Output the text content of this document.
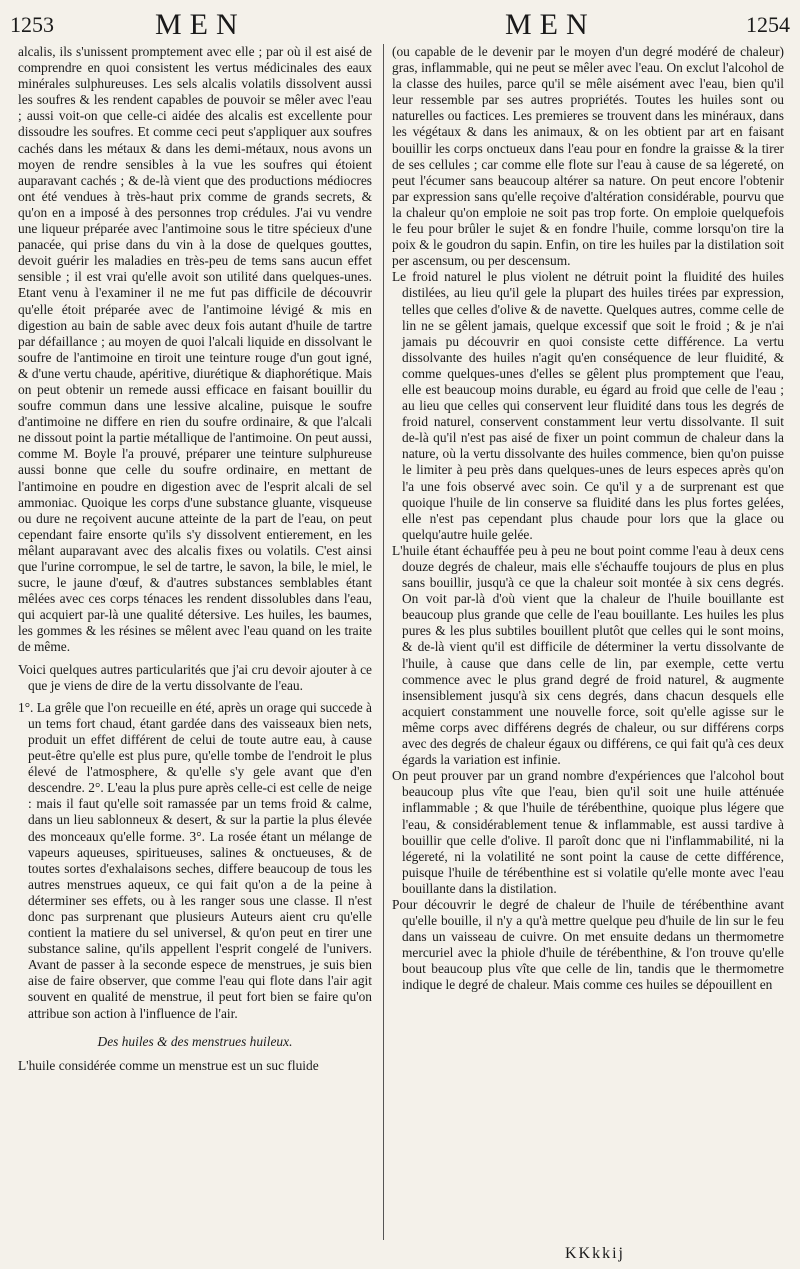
1253	MEN	MEN	1254

alcalis, ils s'unissent promptement avec elle ; par où il est aisé de comprendre en quoi consistent les vertus médicinales des eaux minérales sulphureuses. Les sels alcalis volatils dissolvent aussi les soufres & les rendent capables de pouvoir se mêler avec l'eau ; aussi voit-on que celle-ci aidée des alcalis est excellente pour dissoudre les soufres. Et comme ceci peut s'appliquer aux soufres cachés dans les métaux & dans les demi-métaux, nous avons un moyen de rendre sensibles à la vue les soufres qui étoient auparavant cachés ; & de-là vient que des productions médiocres ont été vendues à très-haut prix comme de grands secrets, & qu'on en a imposé à des personnes trop crédules. J'ai vu vendre une liqueur préparée avec l'antimoine sous le titre spécieux d'une panacée, qui prise dans du vin à la dose de quelques gouttes, devoit guérir les maladies en très-peu de tems sans aucun effet sensible ; il est vrai qu'elle avoit son utilité dans quelques-unes. Etant venu à l'examiner il ne me fut pas difficile de découvrir qu'elle étoit préparée avec de l'antimoine lévigé & mis en digestion au bain de sable avec deux fois autant d'huile de tartre par défaillance ; au moyen de quoi l'alcali liquide en dissolvant le soufre de l'antimoine en tiroit une teinture rouge d'un gout igné, & d'une vertu chaude, apéritive, diurétique & diaphorétique. Mais on peut obtenir un remede aussi efficace en faisant bouillir du soufre commun dans une lessive alcaline, puisque le soufre d'antimoine ne differe en rien du soufre ordinaire, & que l'alcali ne dissout point la partie métallique de l'antimoine. On peut aussi, comme M. Boyle l'a prouvé, préparer une teinture sulphureuse aussi bonne que celle du soufre ordinaire, en mettant de l'antimoine en poudre en digestion avec de l'esprit alcali de sel ammoniac. Quoique les corps d'une substance gluante, visqueuse ou dure ne reçoivent aucune atteinte de la part de l'eau, on peut cependant faire ensorte qu'ils s'y dissolvent entierement, en les mêlant auparavant avec des alcalis fixes ou volatils. C'est ainsi que l'urine corrompue, le sel de tartre, le savon, la bile, le miel, le sucre, le jaune d'œuf, & d'autres substances semblables étant mêlées avec ces corps ténaces les rendent dissolubles dans l'eau, qui acquiert par-là une qualité détersive. Les huiles, les baumes, les gommes & les résines se mêlent avec l'eau quand on les traite de même.

Voici quelques autres particularités que j'ai cru devoir ajouter à ce que je viens de dire de la vertu dissolvante de l'eau.

1°. La grêle que l'on recueille en été, après un orage qui succede à un tems fort chaud, étant gardée dans des vaisseaux bien nets, produit un effet différent de celui de toute autre eau, à cause peut-être qu'elle est plus pure, qu'elle tombe de l'endroit le plus élevé de l'atmosphere, & qu'elle s'y gele avant que d'en descendre. 2°. L'eau la plus pure après celle-ci est celle de neige : mais il faut qu'elle soit ramassée par un tems froid & calme, dans un lieu sablonneux & desert, & sur la partie la plus élevée des monceaux qu'elle forme. 3°. La rosée étant un mélange de vapeurs aqueuses, spiritueuses, salines & onctueuses, & de toutes sortes d'exhalaisons seches, differe beaucoup de tous les autres menstrues aqueux, ce qui fait qu'on a de la peine à déterminer ses effets, ou à les ranger sous une classe. Il n'est donc pas surprenant que plusieurs Auteurs aient cru qu'elle contient la matiere du sel universel, & qu'on peut en tirer une substance saline, qu'ils appellent l'esprit congelé de l'univers. Avant de passer à la seconde espece de menstrues, je suis bien aise de faire observer, que comme l'eau qui flote dans l'air agit souvent en qualité de menstrue, il peut fort bien se faire qu'on attribue son action à l'influence de l'air.

Des huiles & des menstrues huileux.

L'huile considérée comme un menstrue est un suc fluide

(ou capable de le devenir par le moyen d'un degré modéré de chaleur) gras, inflammable, qui ne peut se mêler avec l'eau. On exclut l'alcohol de la classe des huiles, parce qu'il se mêle aisément avec l'eau, bien qu'il leur ressemble par ses autres propriétés. Toutes les huiles sont ou naturelles ou factices. Les premieres se trouvent dans les minéraux, dans les végétaux & dans les animaux, & on les obtient par art en faisant bouillir les corps onctueux dans l'eau pour en fondre la graisse & la tirer de ses cellules ; car comme elle flote sur l'eau à cause de sa légereté, on peut l'écumer sans beaucoup altérer sa nature. On peut encore l'obtenir par expression sans qu'elle reçoive d'altération considérable, pourvu que la chaleur qu'on emploie ne soit pas trop forte. On emploie quelquefois le feu pour brûler le sujet & en fondre l'huile, comme lorsqu'on tire la poix & le goudron du sapin. Enfin, on tire les huiles par la distilation soit per ascensum, ou per descensum.

Le froid naturel le plus violent ne détruit point la fluidité des huiles distilées, au lieu qu'il gele la plupart des huiles tirées par expression, telles que celles d'olive & de navette. Quelques autres, comme celle de lin ne se gêlent jamais, quelque excessif que soit le froid ; & je n'ai jamais pu découvrir en quoi consiste cette différence. La vertu dissolvante des huiles n'agit qu'en conséquence de leur fluidité, & comme quelques-unes d'elles se gêlent plus promptement que l'eau, elle est beaucoup moins durable, eu égard au froid que celle de l'eau ; au lieu que celles qui conservent leur fluidité dans tous les degrés de froid naturel, conservent constamment leur vertu dissolvante. Il suit de-là qu'il n'est pas aisé de fixer un point commun de chaleur dans la nature, où la vertu dissolvante des huiles commence, bien qu'on puisse le limiter à peu près dans quelques-unes de leurs especes après qu'on l'a une fois observé avec soin. Ce qu'il y a de surprenant est que quoique l'huile de lin conserve sa fluidité dans les plus fortes gelées, elle n'est pas cependant plus chaude pour lors que la glace ou quelqu'autre huile gelée.

L'huile étant échauffée peu à peu ne bout point comme l'eau à deux cens douze degrés de chaleur, mais elle s'échauffe toujours de plus en plus sans bouillir, jusqu'à ce que la chaleur soit montée à six cens degrés. On voit par-là d'où vient que la chaleur de l'huile bouillante est beaucoup plus grande que celle de l'eau bouillante. Les huiles les plus pures & les plus subtiles bouillent plutôt que celles qui le sont moins, & de-là vient qu'il est difficile de déterminer la vertu dissolvante de l'huile, à cause que dans celle de lin, par exemple, cette vertu commence avec le plus grand degré de froid naturel, & augmente insensiblement jusqu'à six cens degrés, dans chacun desquels elle acquiert constamment une nouvelle force, soit qu'elle agisse sur le même corps avec différens degrés de chaleur, ou sur différens corps avec des degrés de chaleur égaux ou différens, ce qui fait qu'à ces deux égards la variation est infinie.

On peut prouver par un grand nombre d'expériences que l'alcohol bout beaucoup plus vîte que l'eau, bien qu'il soit une huile atténuée inflammable ; & que l'huile de térébenthine, quoique plus légere que l'eau, & considérablement tenue & inflammable, est aussi tardive à bouillir que celle d'olive. Il paroît donc que ni l'inflammabilité, ni la légereté, ni la volatilité ne sont point la cause de cette différence, puisque l'huile de térébenthine est si volatile qu'elle monte avec l'eau bouillante dans la distilation.

Pour découvrir le degré de chaleur de l'huile de térébenthine avant qu'elle bouille, il n'y a qu'à mettre quelque peu d'huile de lin sur le feu dans un vaisseau de cuivre. On met ensuite dedans un thermometre mercuriel avec la phiole d'huile de térébenthine, & l'on trouve qu'elle bout beaucoup plus vîte que celle de lin, tandis que le thermometre indique le degré de chaleur. Mais comme ces huiles se dépouillent en

KKkkij
